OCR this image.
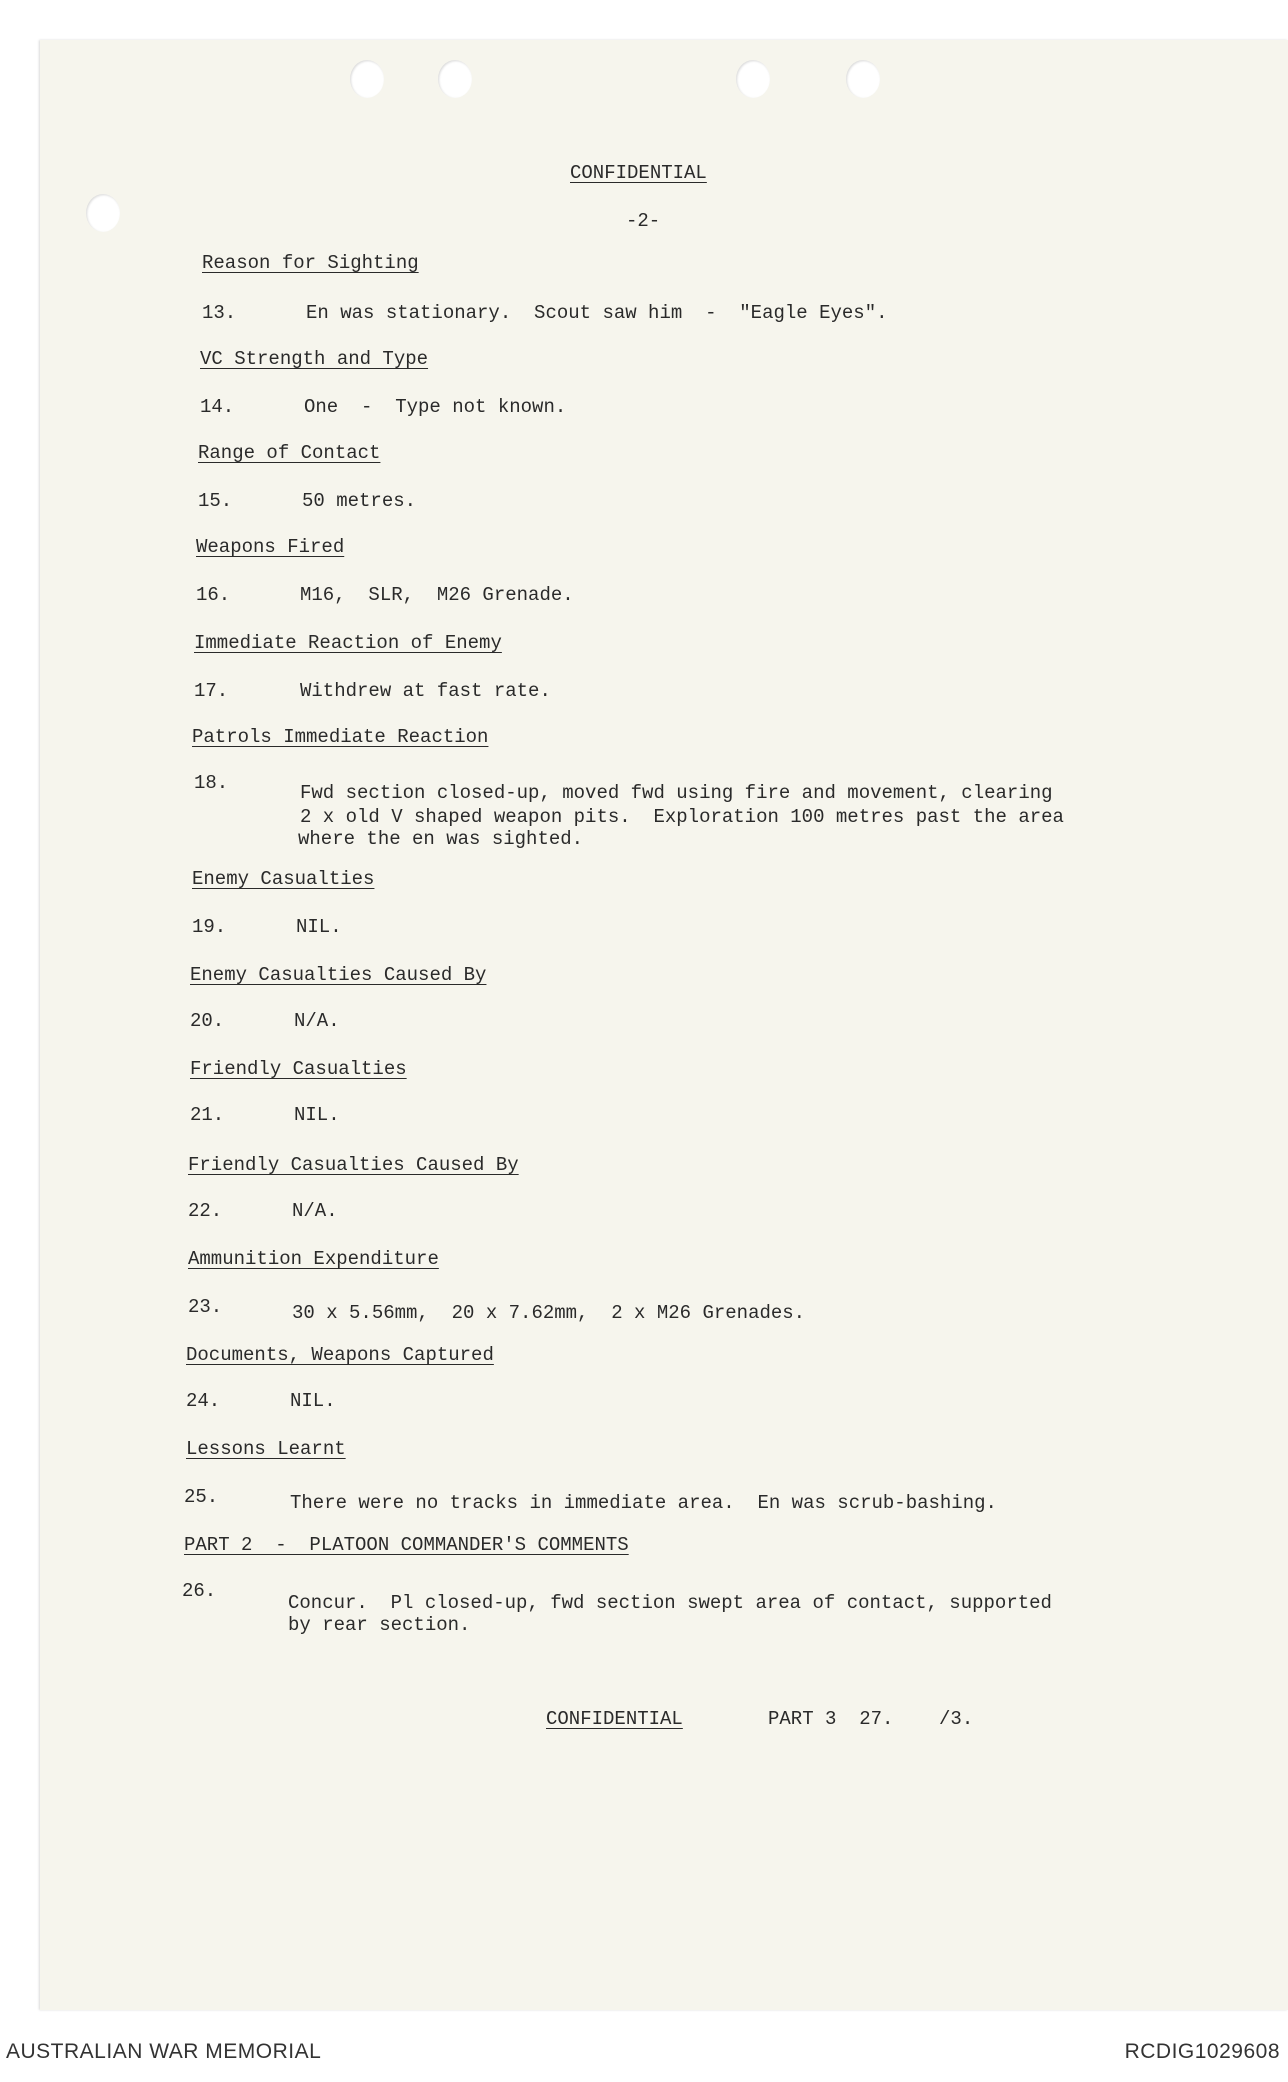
CONFIDENTIAL
-2-
Reason for Sighting
13.	En was stationary.  Scout saw him  -  "Eagle Eyes".
VC Strength and Type
14.	One  -  Type not known.
Range of Contact
15.	50 metres.
Weapons Fired
16.	M16,  SLR,  M26 Grenade.
Immediate Reaction of Enemy
17.	Withdrew at fast rate.
Patrols Immediate Reaction
18.	Fwd section closed-up, moved fwd using fire and movement, clearing
2 x old V shaped weapon pits.  Exploration 100 metres past the area
where the en was sighted.
Enemy Casualties
19.	NIL.
Enemy Casualties Caused By
20.	N/A.
Friendly Casualties
21.	NIL.
Friendly Casualties Caused By
22.	N/A.
Ammunition Expenditure
23.	30 x 5.56mm,  20 x 7.62mm,  2 x M26 Grenades.
Documents, Weapons Captured
24.	NIL.
Lessons Learnt
25.	There were no tracks in immediate area.  En was scrub-bashing.
PART 2  -  PLATOON COMMANDER'S COMMENTS
26.
Concur.  Pl closed-up, fwd section swept area of contact, supported
by rear section.
CONFIDENTIAL	PART 3  27.    /3.
AUSTRALIAN WAR MEMORIAL	RCDIG1029608
